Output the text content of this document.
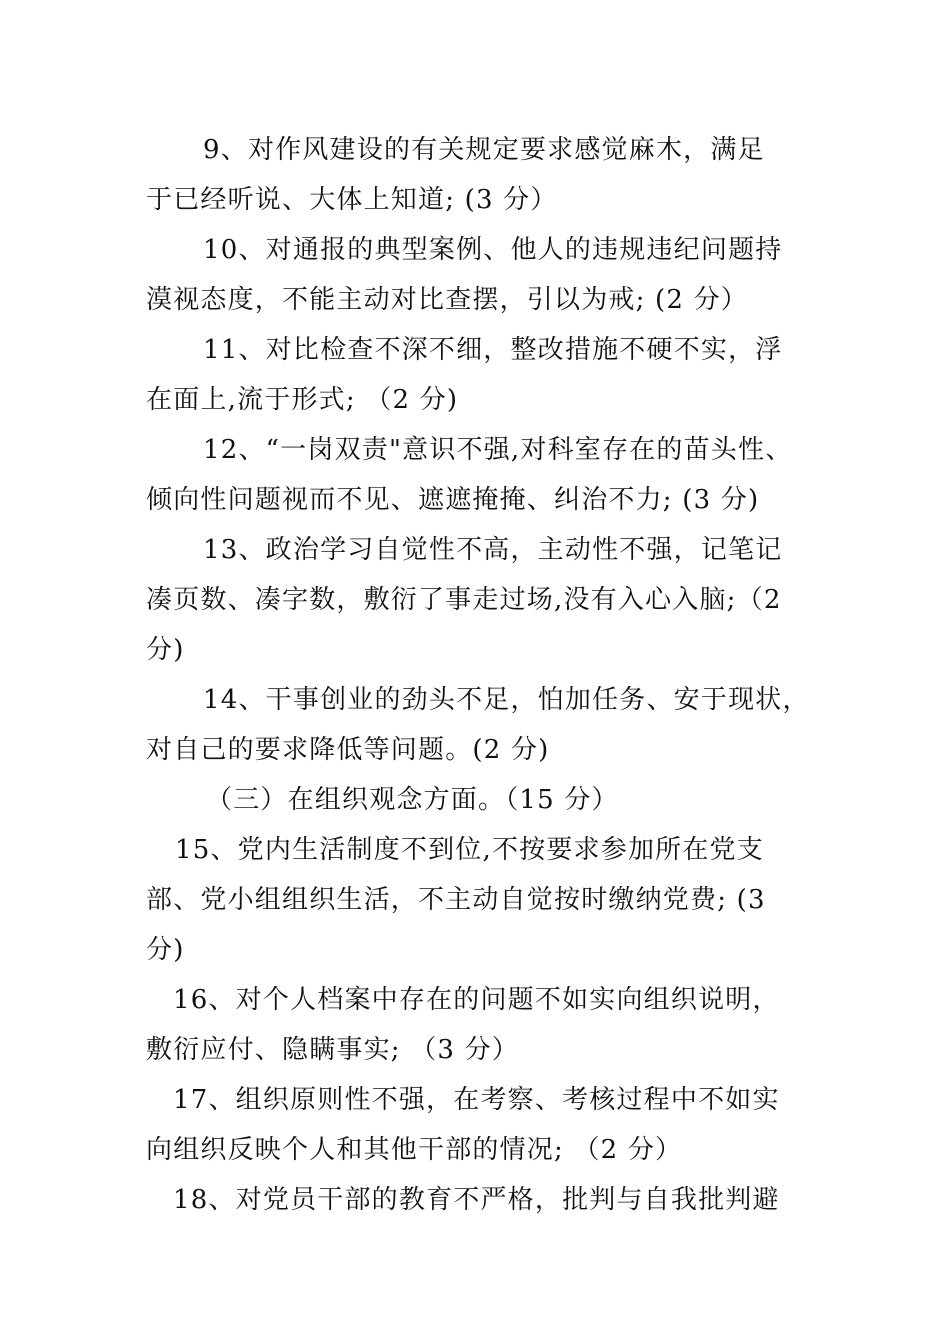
9、对作风建设的有关规定要求感觉麻木，满足
于已经听说、大体上知道; (3 分）
10、对通报的典型案例、他人的违规违纪问题持
漠视态度，不能主动对比查摆，引以为戒; (2 分）
11、对比检查不深不细，整改措施不硬不实，浮
在面上,流于形式; （2 分)
12、“一岗双责"意识不强,对科室存在的苗头性、
倾向性问题视而不见、遮遮掩掩、纠治不力; (3 分)
13、政治学习自觉性不高，主动性不强，记笔记
凑页数、凑字数，敷衍了事走过场,没有入心入脑;（2
分)
14、干事创业的劲头不足，怕加任务、安于现状，
对自己的要求降低等问题。(2 分)
（三）在组织观念方面。（15 分）
15、党内生活制度不到位,不按要求参加所在党支
部、党小组组织生活，不主动自觉按时缴纳党费; (3
分)
16、对个人档案中存在的问题不如实向组织说明，
敷衍应付、隐瞒事实; （3 分）
17、组织原则性不强，在考察、考核过程中不如实
向组织反映个人和其他干部的情况; （2 分）
18、对党员干部的教育不严格，批判与自我批判避
